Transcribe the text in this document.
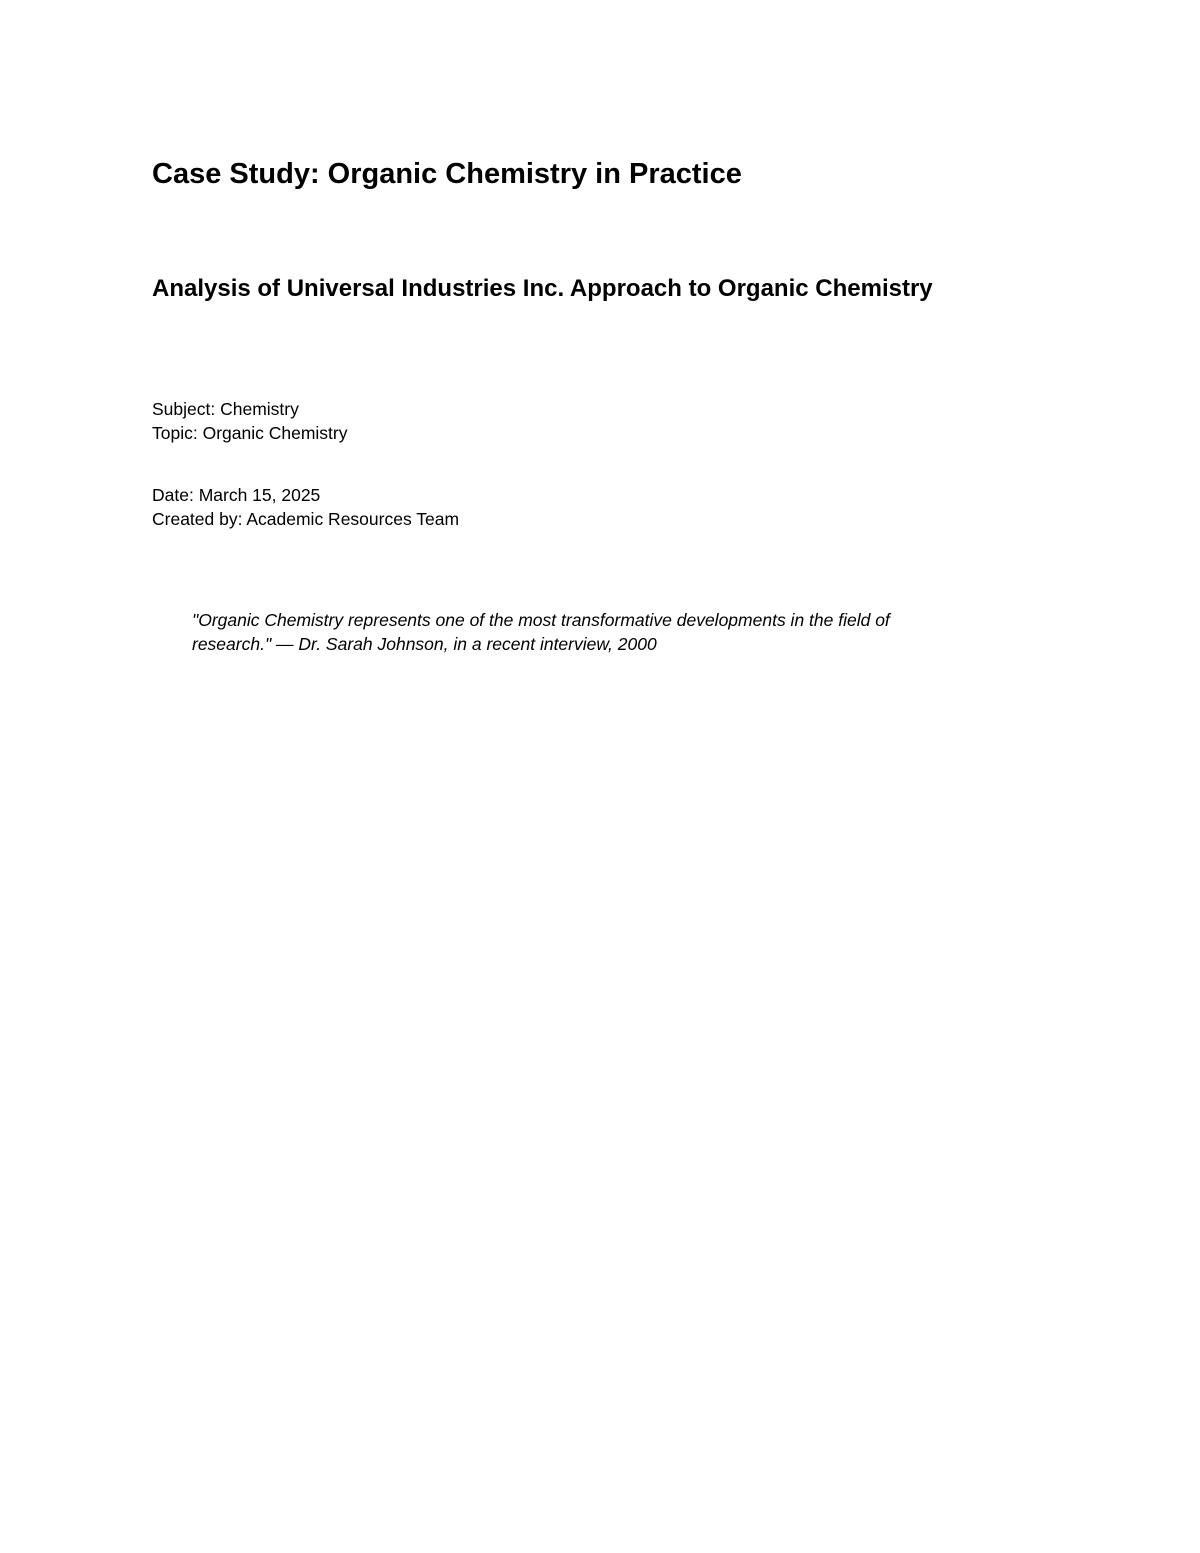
Case Study: Organic Chemistry in Practice
Analysis of Universal Industries Inc. Approach to Organic Chemistry
Subject: Chemistry
Topic: Organic Chemistry
Date: March 15, 2025
Created by: Academic Resources Team
"Organic Chemistry represents one of the most transformative developments in the field of
research." — Dr. Sarah Johnson, in a recent interview, 2000
